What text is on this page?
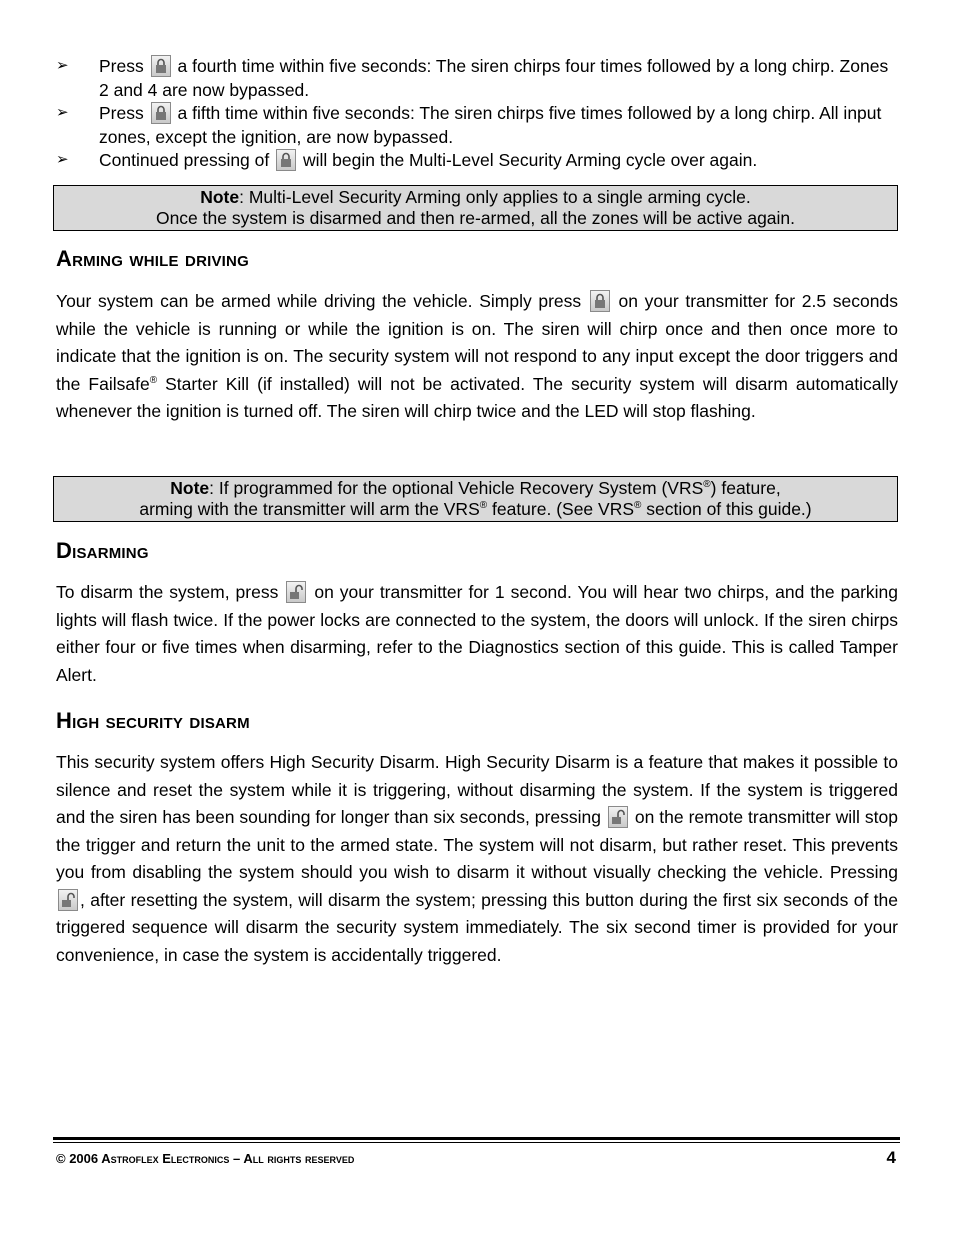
➢ Press a fourth time within five seconds: The siren chirps four times followed by a long chirp. Zones 2 and 4 are now bypassed.
➢ Press a fifth time within five seconds: The siren chirps five times followed by a long chirp. All input zones, except the ignition, are now bypassed.
➢ Continued pressing of will begin the Multi-Level Security Arming cycle over again.
Note: Multi-Level Security Arming only applies to a single arming cycle.
Once the system is disarmed and then re-armed, all the zones will be active again.
Arming while driving

Your system can be armed while driving the vehicle. Simply press on your transmitter for 2.5 seconds while the vehicle is running or while the ignition is on. The siren will chirp once and then once more to indicate that the ignition is on. The security system will not respond to any input except the door triggers and the Failsafe® Starter Kill (if installed) will not be activated. The security system will disarm automatically whenever the ignition is turned off. The siren will chirp twice and the LED will stop flashing.

Note: If programmed for the optional Vehicle Recovery System (VRS®) feature,
arming with the transmitter will arm the VRS® feature. (See VRS® section of this guide.)
Disarming

To disarm the system, press on your transmitter for 1 second. You will hear two chirps, and the parking lights will flash twice. If the power locks are connected to the system, the doors will unlock. If the siren chirps either four or five times when disarming, refer to the Diagnostics section of this guide. This is called Tamper Alert.

High security disarm

This security system offers High Security Disarm. High Security Disarm is a feature that makes it possible to silence and reset the system while it is triggering, without disarming the system. If the system is triggered and the siren has been sounding for longer than six seconds, pressing on the remote transmitter will stop the trigger and return the unit to the armed state. The system will not disarm, but rather reset. This prevents you from disabling the system should you wish to disarm it without visually checking the vehicle. Pressing
, after resetting the system, will disarm the system; pressing this button during the first six seconds of the triggered sequence will disarm the security system immediately. The six second timer is provided for your convenience, in case the system is accidentally triggered.

© 2006 Astroflex Electronics – All rights reserved	4
